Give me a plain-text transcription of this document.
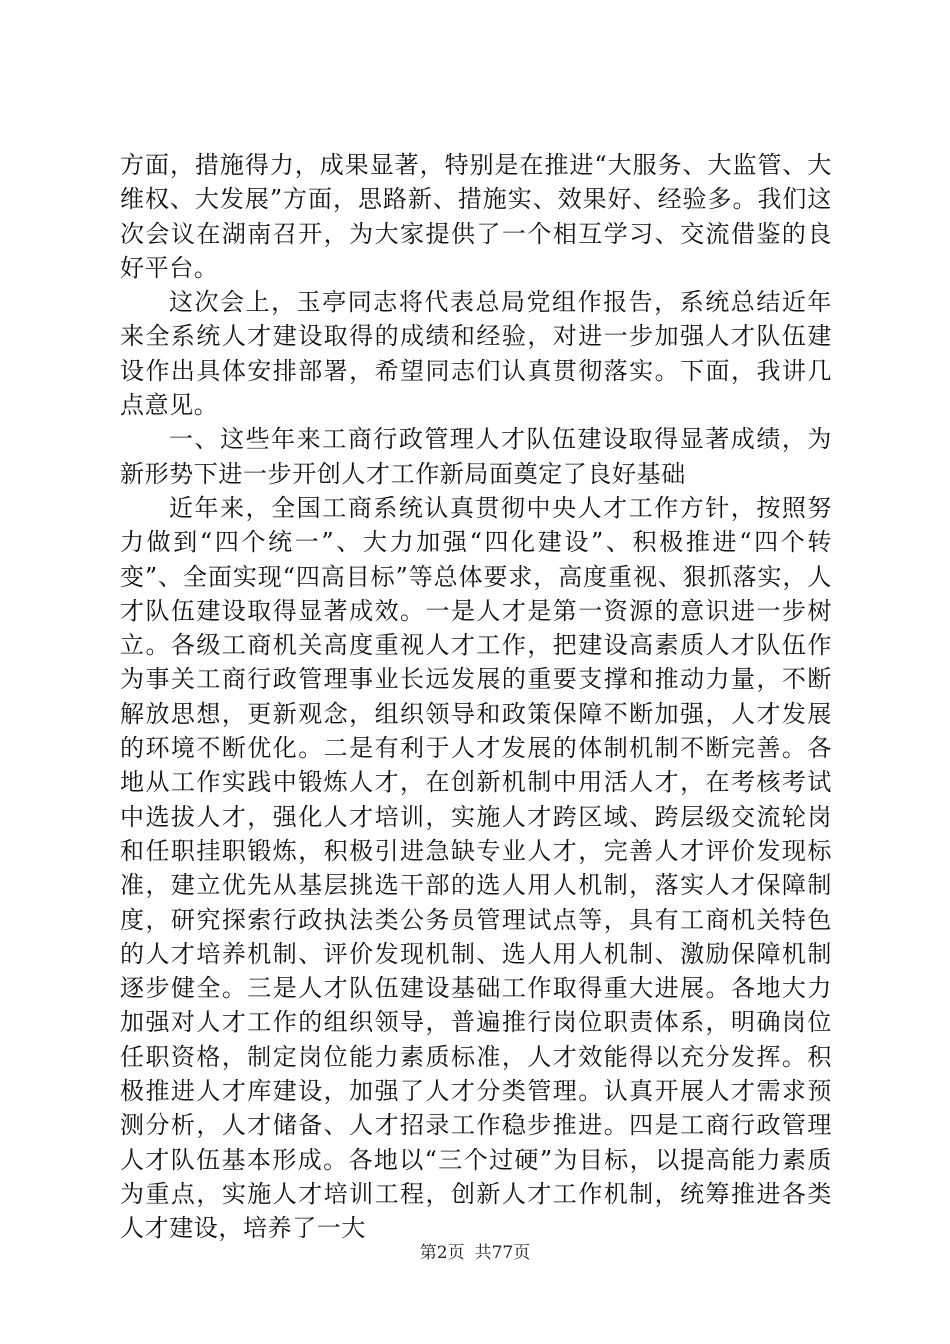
方面，措施得力，成果显著，特别是在推进“大服务、大监管、大维权、大发展”方面，思路新、措施实、效果好、经验多。我们这次会议在湖南召开，为大家提供了一个相互学习、交流借鉴的良好平台。

这次会上，玉亭同志将代表总局党组作报告，系统总结近年来全系统人才建设取得的成绩和经验，对进一步加强人才队伍建设作出具体安排部署，希望同志们认真贯彻落实。下面，我讲几点意见。

一、这些年来工商行政管理人才队伍建设取得显著成绩，为新形势下进一步开创人才工作新局面奠定了良好基础

近年来，全国工商系统认真贯彻中央人才工作方针，按照努力做到“四个统一”、大力加强“四化建设”、积极推进“四个转变”、全面实现“四高目标”等总体要求，高度重视、狠抓落实，人才队伍建设取得显著成效。一是人才是第一资源的意识进一步树立。各级工商机关高度重视人才工作，把建设高素质人才队伍作为事关工商行政管理事业长远发展的重要支撑和推动力量，不断解放思想，更新观念，组织领导和政策保障不断加强，人才发展的环境不断优化。二是有利于人才发展的体制机制不断完善。各地从工作实践中锻炼人才，在创新机制中用活人才，在考核考试中选拔人才，强化人才培训，实施人才跨区域、跨层级交流轮岗和任职挂职锻炼，积极引进急缺专业人才，完善人才评价发现标准，建立优先从基层挑选干部的选人用人机制，落实人才保障制度，研究探索行政执法类公务员管理试点等，具有工商机关特色的人才培养机制、评价发现机制、选人用人机制、激励保障机制逐步健全。三是人才队伍建设基础工作取得重大进展。各地大力加强对人才工作的组织领导，普遍推行岗位职责体系，明确岗位任职资格，制定岗位能力素质标准，人才效能得以充分发挥。积极推进人才库建设，加强了人才分类管理。认真开展人才需求预测分析，人才储备、人才招录工作稳步推进。四是工商行政管理人才队伍基本形成。各地以“三个过硬”为目标，以提高能力素质为重点，实施人才培训工程，创新人才工作机制，统筹推进各类人才建设，培养了一大

第2页 共77页
